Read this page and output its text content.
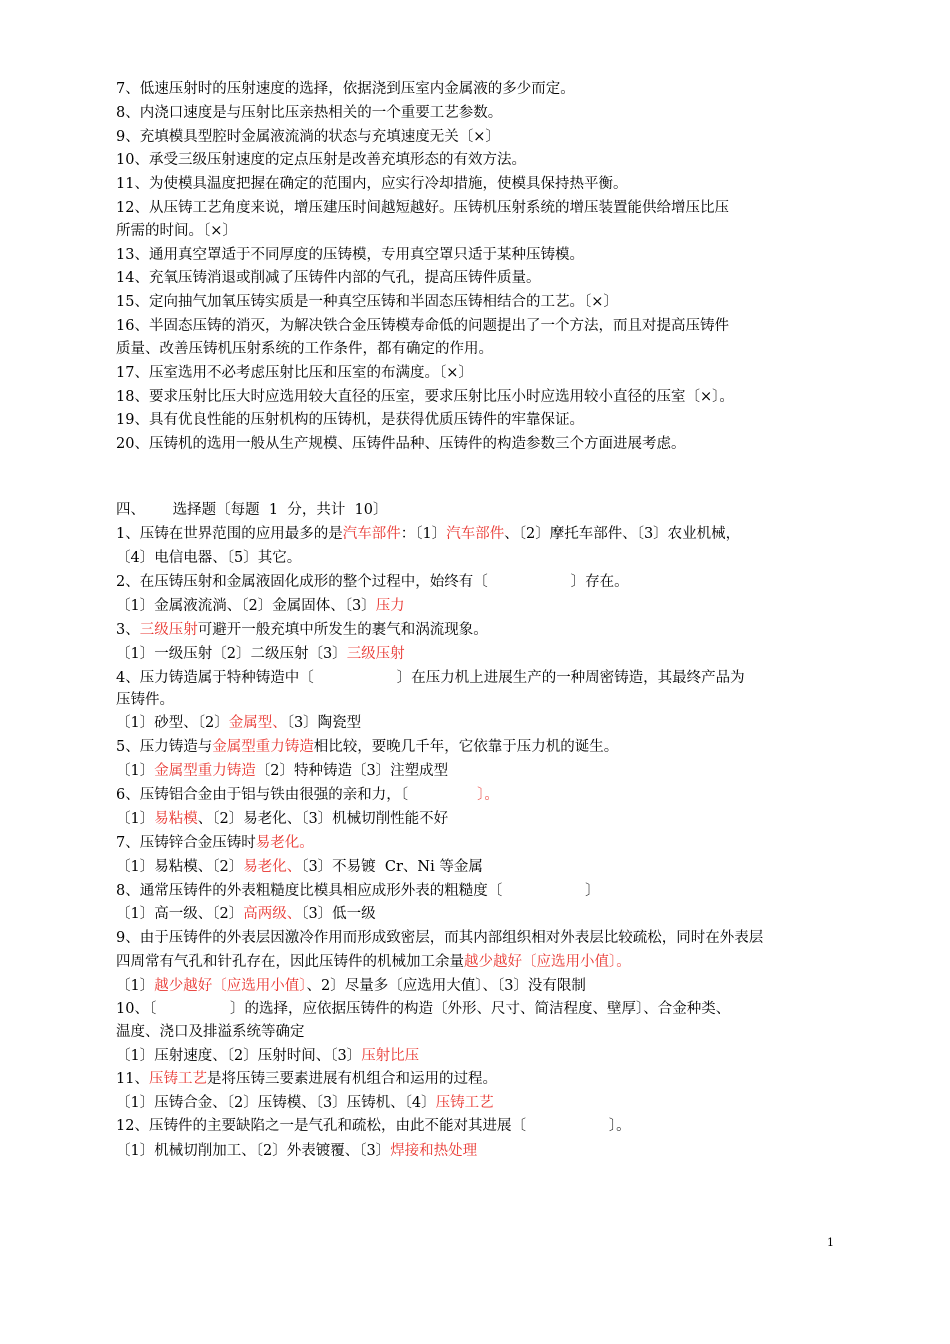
7、低速压射时的压射速度的选择，依据浇到压室内金属液的多少而定。
8、内浇口速度是与压射比压亲热相关的一个重要工艺参数。
9、充填模具型腔时金属液流淌的状态与充填速度无关〔×〕
10、承受三级压射速度的定点压射是改善充填形态的有效方法。
11、为使模具温度把握在确定的范围内，应实行冷却措施，使模具保持热平衡。
12、从压铸工艺角度来说，增压建压时间越短越好。压铸机压射系统的增压装置能供给增压比压
所需的时间。〔×〕
13、通用真空罩适于不同厚度的压铸模，专用真空罩只适于某种压铸模。
14、充氧压铸消退或削减了压铸件内部的气孔，提高压铸件质量。
15、定向抽气加氧压铸实质是一种真空压铸和半固态压铸相结合的工艺。〔×〕
16、半固态压铸的消灭，为解决铁合金压铸模寿命低的问题提出了一个方法，而且对提高压铸件
质量、改善压铸机压射系统的工作条件，都有确定的作用。
17、压室选用不必考虑压射比压和压室的布满度。〔×〕
18、要求压射比压大时应选用较大直径的压室，要求压射比压小时应选用较小直径的压室〔×〕。
19、具有优良性能的压射机构的压铸机，是获得优质压铸件的牢靠保证。
20、压铸机的选用一般从生产规模、压铸件品种、压铸件的构造参数三个方面进展考虑。
四、      选择题〔每题  1  分，共计  10〕
1、压铸在世界范围的应用最多的是汽车部件：〔1〕汽车部件、〔2〕摩托车部件、〔3〕农业机械，
〔4〕电信电器、〔5〕其它。
2、在压铸压射和金属液固化成形的整个过程中，始终有〔                  〕存在。
〔1〕金属液流淌、〔2〕金属固体、〔3〕压力
3、三级压射可避开一般充填中所发生的裹气和涡流现象。
〔1〕一级压射〔2〕二级压射〔3〕三级压射
4、压力铸造属于特种铸造中〔                  〕在压力机上进展生产的一种周密铸造，其最终产品为
压铸件。
〔1〕砂型、〔2〕金属型、〔3〕陶瓷型
5、压力铸造与金属型重力铸造相比较，要晚几千年，它依靠于压力机的诞生。
〔1〕金属型重力铸造〔2〕特种铸造〔3〕注塑成型
6、压铸铝合金由于铝与铁由很强的亲和力，〔               〕。
〔1〕易粘模、〔2〕易老化、〔3〕机械切削性能不好
7、压铸锌合金压铸时易老化。
〔1〕易粘模、〔2〕易老化、〔3〕不易镀  Cr、Ni 等金属
8、通常压铸件的外表粗糙度比模具相应成形外表的粗糙度〔                  〕
〔1〕高一级、〔2〕高两级、〔3〕低一级
9、由于压铸件的外表层因激冷作用而形成致密层，而其内部组织相对外表层比较疏松，同时在外表层
四周常有气孔和针孔存在，因此压铸件的机械加工余量越少越好〔应选用小值〕。
〔1〕越少越好〔应选用小值〕、2〕尽量多〔应选用大值〕、〔3〕没有限制
10、〔                〕的选择，应依据压铸件的构造〔外形、尺寸、简洁程度、壁厚〕、合金种类、
温度、浇口及排溢系统等确定
〔1〕压射速度、〔2〕压射时间、〔3〕压射比压
11、压铸工艺是将压铸三要素进展有机组合和运用的过程。
〔1〕压铸合金、〔2〕压铸模、〔3〕压铸机、〔4〕压铸工艺
12、压铸件的主要缺陷之一是气孔和疏松，由此不能对其进展〔                  〕。
〔1〕机械切削加工、〔2〕外表镀覆、〔3〕焊接和热处理
1
